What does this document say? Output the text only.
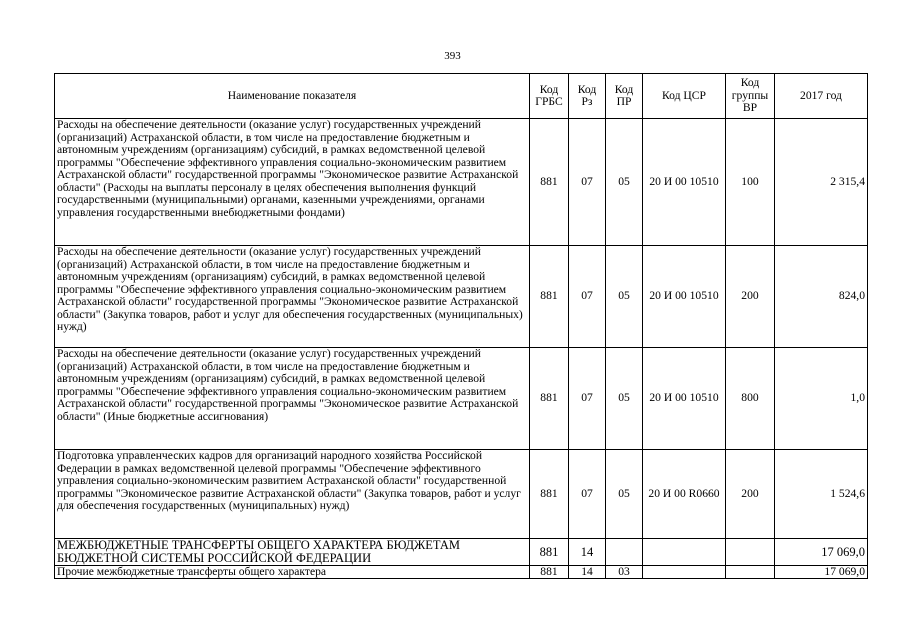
393
Наименование показателя	Код ГРБС	Код Рз	Код ПР	Код ЦСР	Код группы ВР	2017 год
Расходы на обеспечение деятельности (оказание услуг) государственных учреждений (организаций) Астраханской области, в том числе на предоставление бюджетным и автономным учреждениям (организациям) субсидий, в рамках ведомственной целевой программы "Обеспечение эффективного управления социально-экономическим развитием Астраханской области" государственной программы "Экономическое развитие Астраханской области" (Расходы на выплаты персоналу в целях обеспечения выполнения функций государственными (муниципальными) органами, казенными учреждениями, органами управления государственными внебюджетными фондами)	881	07	05	20 И 00 10510	100	2 315,4
Расходы на обеспечение деятельности (оказание услуг) государственных учреждений (организаций) Астраханской области, в том числе на предоставление бюджетным и автономным учреждениям (организациям) субсидий, в рамках ведомственной целевой программы "Обеспечение эффективного управления социально-экономическим развитием Астраханской области" государственной программы "Экономическое развитие Астраханской области" (Закупка товаров, работ и услуг для обеспечения государственных (муниципальных) нужд)	881	07	05	20 И 00 10510	200	824,0
Расходы на обеспечение деятельности (оказание услуг) государственных учреждений (организаций) Астраханской области, в том числе на предоставление бюджетным и автономным учреждениям (организациям) субсидий, в рамках ведомственной целевой программы "Обеспечение эффективного управления социально-экономическим развитием Астраханской области" государственной программы "Экономическое развитие Астраханской области" (Иные бюджетные ассигнования)	881	07	05	20 И 00 10510	800	1,0
Подготовка управленческих кадров для организаций народного хозяйства Российской Федерации в рамках ведомственной целевой программы "Обеспечение эффективного управления социально-экономическим развитием Астраханской области" государственной программы "Экономическое развитие Астраханской области" (Закупка товаров, работ и услуг для обеспечения государственных (муниципальных) нужд)	881	07	05	20 И 00 R0660	200	1 524,6
МЕЖБЮДЖЕТНЫЕ ТРАНСФЕРТЫ ОБЩЕГО ХАРАКТЕРА БЮДЖЕТАМ БЮДЖЕТНОЙ СИСТЕМЫ РОССИЙСКОЙ ФЕДЕРАЦИИ	881	14				17 069,0
Прочие межбюджетные трансферты общего характера	881	14	03			17 069,0
